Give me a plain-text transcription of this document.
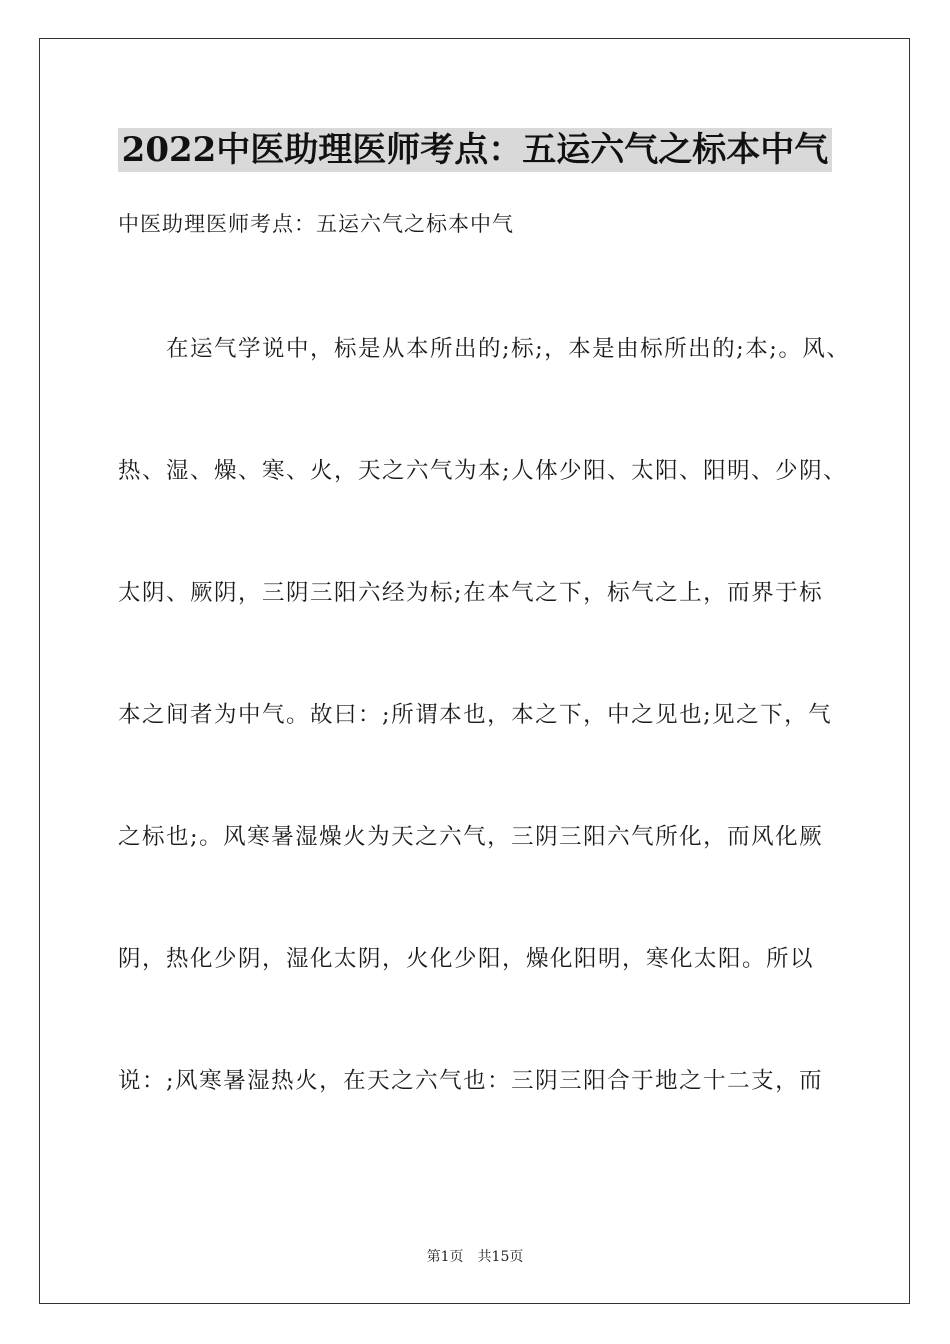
2022中医助理医师考点：五运六气之标本中气
中医助理医师考点：五运六气之标本中气
　　在运气学说中，标是从本所出的;标;，本是由标所出的;本;。风、
热、湿、燥、寒、火，天之六气为本;人体少阳、太阳、阳明、少阴、
太阴、厥阴，三阴三阳六经为标;在本气之下，标气之上，而界于标
本之间者为中气。故曰：;所谓本也，本之下，中之见也;见之下，气
之标也;。风寒暑湿燥火为天之六气，三阴三阳六气所化，而风化厥
阴，热化少阴，湿化太阴，火化少阳，燥化阳明，寒化太阳。所以
说：;风寒暑湿热火，在天之六气也：三阴三阳合于地之十二支，而
第1页 共15页
